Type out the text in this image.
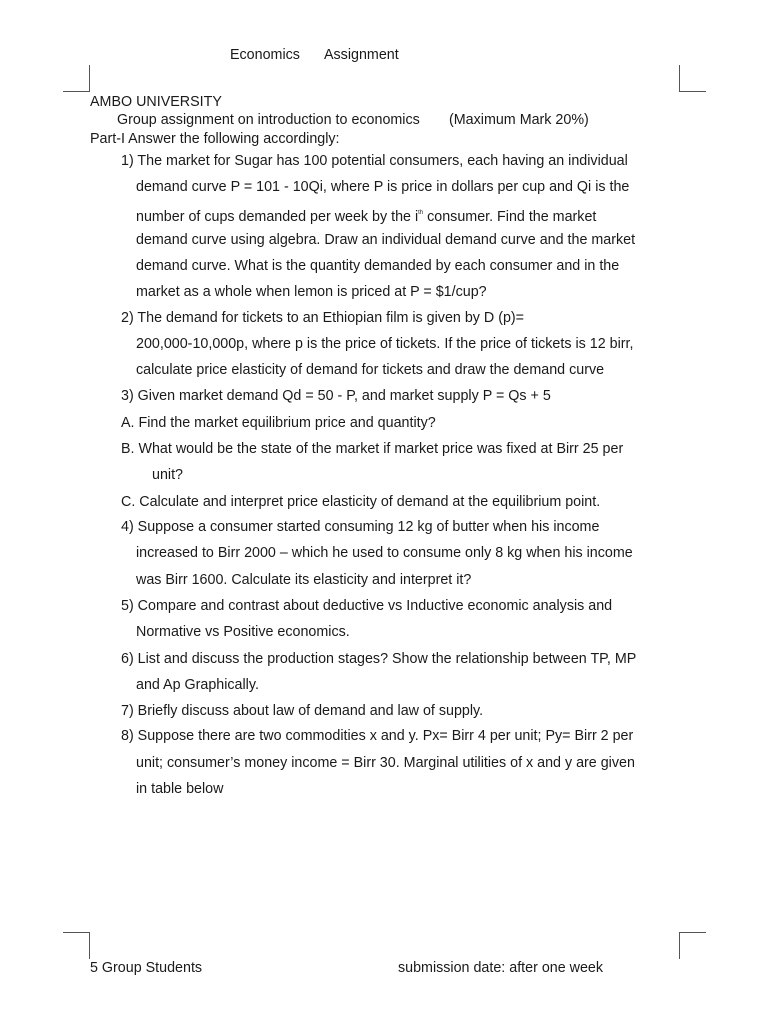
Economics Assignment
AMBO UNIVERSITY
Group assignment on introduction to economics (Maximum Mark 20%)
Part-I Answer the following accordingly:
1) The market for Sugar has 100 potential consumers, each having an individual
demand curve P = 101 - 10Qi, where P is price in dollars per cup and Qi is the
number of cups demanded per week by the $i^{th}$ consumer. Find the market
demand curve using algebra. Draw an individual demand curve and the market
demand curve. What is the quantity demanded by each consumer and in the
market as a whole when lemon is priced at P = $1/cup?
2) The demand for tickets to an Ethiopian film is given by D (p)=
200,000-10,000p, where p is the price of tickets. If the price of tickets is 12 birr,
calculate price elasticity of demand for tickets and draw the demand curve
3) Given market demand Qd = 50 - P, and market supply P = Qs + 5
A. Find the market equilibrium price and quantity?
B. What would be the state of the market if market price was fixed at Birr 25 per
unit?
C. Calculate and interpret price elasticity of demand at the equilibrium point.
4) Suppose a consumer started consuming 12 kg of butter when his income
increased to Birr 2000 – which he used to consume only 8 kg when his income
was Birr 1600. Calculate its elasticity and interpret it?
5) Compare and contrast about deductive vs Inductive economic analysis and
Normative vs Positive economics.
6) List and discuss the production stages? Show the relationship between TP, MP
and Ap Graphically.
7) Briefly discuss about law of demand and law of supply.
8) Suppose there are two commodities x and y. Px= Birr 4 per unit; Py= Birr 2 per
unit; consumer’s money income = Birr 30. Marginal utilities of x and y are given
in table below
5 Group Students	submission date: after one week
